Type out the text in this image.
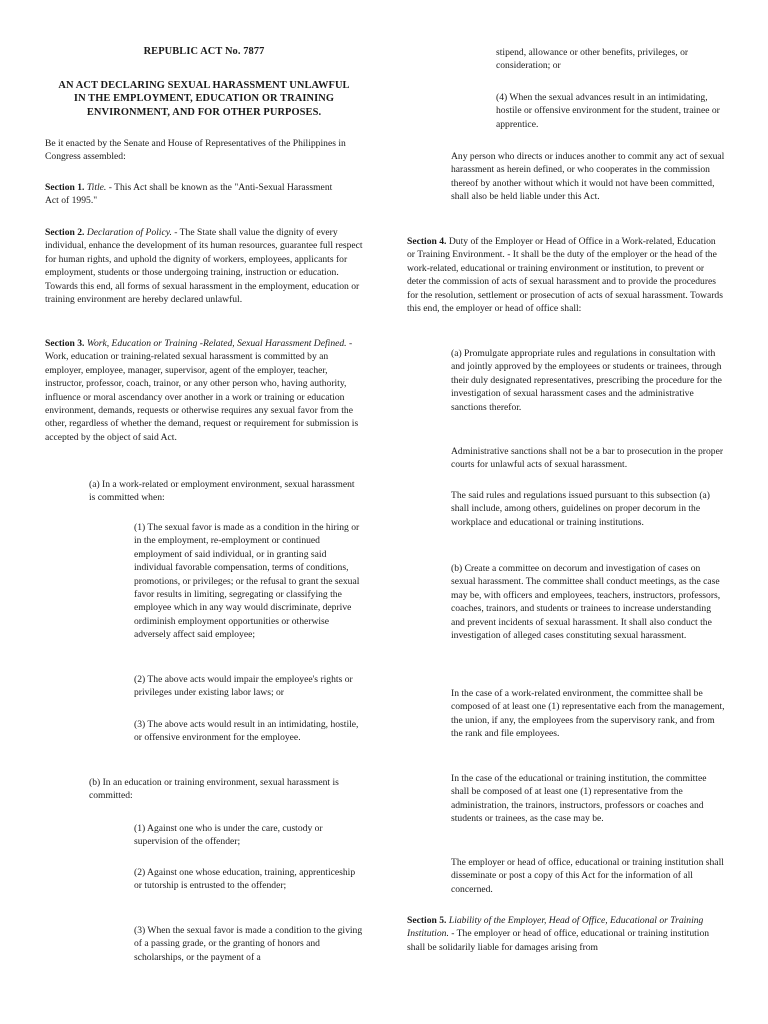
REPUBLIC ACT No. 7877
AN ACT DECLARING SEXUAL HARASSMENT UNLAWFUL
IN THE EMPLOYMENT, EDUCATION OR TRAINING
ENVIRONMENT, AND FOR OTHER PURPOSES.

Be it enacted by the Senate and House of Representatives of the Philippines in Congress assembled:

Section 1. Title. - This Act shall be known as the "Anti-Sexual Harassment Act of 1995."

Section 2. Declaration of Policy. - The State shall value the dignity of every individual, enhance the development of its human resources, guarantee full respect for human rights, and uphold the dignity of workers, employees, applicants for employment, students or those undergoing training, instruction or education. Towards this end, all forms of sexual harassment in the employment, education or training environment are hereby declared unlawful.

Section 3. Work, Education or Training -Related, Sexual Harassment Defined. - Work, education or training-related sexual harassment is committed by an employer, employee, manager, supervisor, agent of the employer, teacher, instructor, professor, coach, trainor, or any other person who, having authority, influence or moral ascendancy over another in a work or training or education environment, demands, requests or otherwise requires any sexual favor from the other, regardless of whether the demand, request or requirement for submission is accepted by the object of said Act.

(a) In a work-related or employment environment, sexual harassment is committed when:

(1) The sexual favor is made as a condition in the hiring or in the employment, re-employment or continued employment of said individual, or in granting said individual favorable compensation, terms of conditions, promotions, or privileges; or the refusal to grant the sexual favor results in limiting, segregating or classifying the employee which in any way would discriminate, deprive ordiminish employment opportunities or otherwise adversely affect said employee;

(2) The above acts would impair the employee's rights or privileges under existing labor laws; or

(3) The above acts would result in an intimidating, hostile, or offensive environment for the employee.

(b) In an education or training environment, sexual harassment is committed:

(1) Against one who is under the care, custody or supervision of the offender;

(2) Against one whose education, training, apprenticeship or tutorship is entrusted to the offender;

(3) When the sexual favor is made a condition to the giving of a passing grade, or the granting of honors and scholarships, or the payment of a

stipend, allowance or other benefits, privileges, or consideration; or

(4) When the sexual advances result in an intimidating, hostile or offensive environment for the student, trainee or apprentice.

Any person who directs or induces another to commit any act of sexual harassment as herein defined, or who cooperates in the commission thereof by another without which it would not have been committed, shall also be held liable under this Act.

Section 4. Duty of the Employer or Head of Office in a Work-related, Education or Training Environment. - It shall be the duty of the employer or the head of the work-related, educational or training environment or institution, to prevent or deter the commission of acts of sexual harassment and to provide the procedures for the resolution, settlement or prosecution of acts of sexual harassment. Towards this end, the employer or head of office shall:

(a) Promulgate appropriate rules and regulations in consultation with and jointly approved by the employees or students or trainees, through their duly designated representatives, prescribing the procedure for the investigation of sexual harassment cases and the administrative sanctions therefor.

Administrative sanctions shall not be a bar to prosecution in the proper courts for unlawful acts of sexual harassment.

The said rules and regulations issued pursuant to this subsection (a) shall include, among others, guidelines on proper decorum in the workplace and educational or training institutions.

(b) Create a committee on decorum and investigation of cases on sexual harassment. The committee shall conduct meetings, as the case may be, with officers and employees, teachers, instructors, professors, coaches, trainors, and students or trainees to increase understanding and prevent incidents of sexual harassment. It shall also conduct the investigation of alleged cases constituting sexual harassment.

In the case of a work-related environment, the committee shall be composed of at least one (1) representative each from the management, the union, if any, the employees from the supervisory rank, and from the rank and file employees.

In the case of the educational or training institution, the committee shall be composed of at least one (1) representative from the administration, the trainors, instructors, professors or coaches and students or trainees, as the case may be.

The employer or head of office, educational or training institution shall disseminate or post a copy of this Act for the information of all concerned.

Section 5. Liability of the Employer, Head of Office, Educational or Training Institution. - The employer or head of office, educational or training institution shall be solidarily liable for damages arising from
